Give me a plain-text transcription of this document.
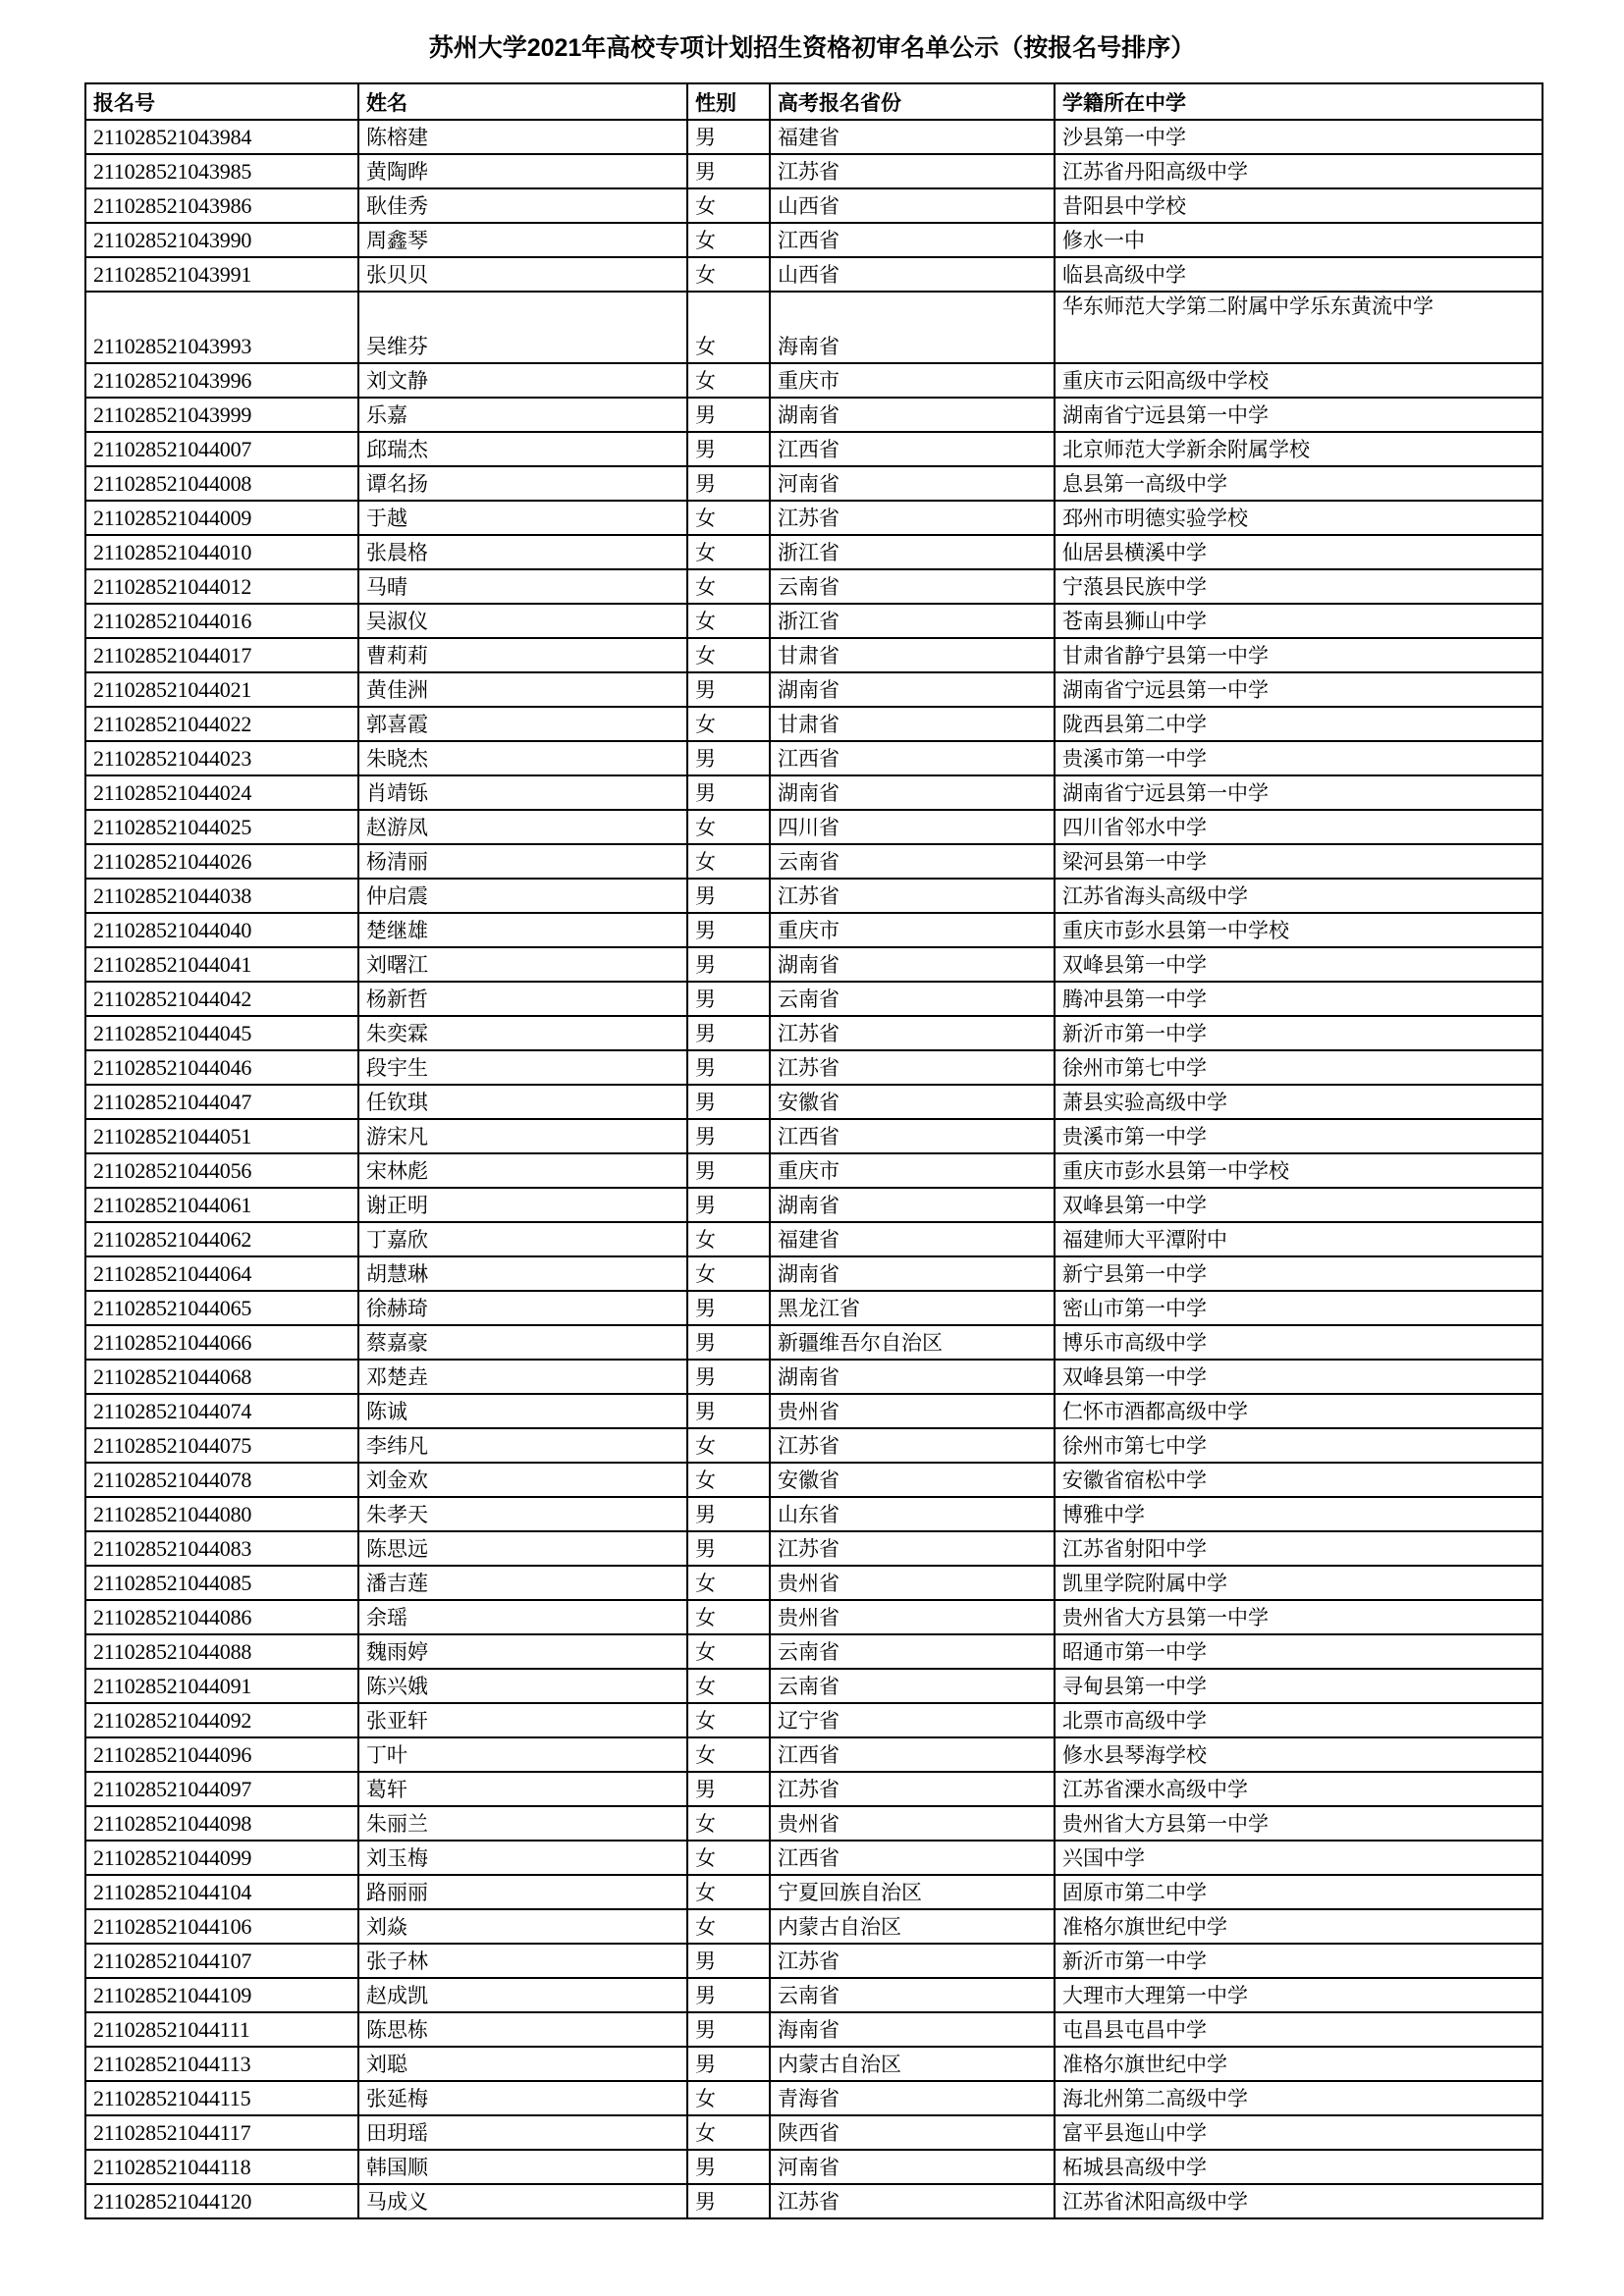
苏州大学2021年高校专项计划招生资格初审名单公示（按报名号排序）
报名号	姓名	性别	高考报名省份	学籍所在中学
211028521043984	陈榕建	男	福建省	沙县第一中学
211028521043985	黄陶晔	男	江苏省	江苏省丹阳高级中学
211028521043986	耿佳秀	女	山西省	昔阳县中学校
211028521043990	周鑫琴	女	江西省	修水一中
211028521043991	张贝贝	女	山西省	临县高级中学
211028521043993	吴维芬	女	海南省	华东师范大学第二附属中学乐东黄流中学
211028521043996	刘文静	女	重庆市	重庆市云阳高级中学校
211028521043999	乐嘉	男	湖南省	湖南省宁远县第一中学
211028521044007	邱瑞杰	男	江西省	北京师范大学新余附属学校
211028521044008	谭名扬	男	河南省	息县第一高级中学
211028521044009	于越	女	江苏省	邳州市明德实验学校
211028521044010	张晨格	女	浙江省	仙居县横溪中学
211028521044012	马晴	女	云南省	宁蒗县民族中学
211028521044016	吴淑仪	女	浙江省	苍南县狮山中学
211028521044017	曹莉莉	女	甘肃省	甘肃省静宁县第一中学
211028521044021	黄佳洲	男	湖南省	湖南省宁远县第一中学
211028521044022	郭喜霞	女	甘肃省	陇西县第二中学
211028521044023	朱晓杰	男	江西省	贵溪市第一中学
211028521044024	肖靖铄	男	湖南省	湖南省宁远县第一中学
211028521044025	赵游凤	女	四川省	四川省邻水中学
211028521044026	杨清丽	女	云南省	梁河县第一中学
211028521044038	仲启震	男	江苏省	江苏省海头高级中学
211028521044040	楚继雄	男	重庆市	重庆市彭水县第一中学校
211028521044041	刘曙江	男	湖南省	双峰县第一中学
211028521044042	杨新哲	男	云南省	腾冲县第一中学
211028521044045	朱奕霖	男	江苏省	新沂市第一中学
211028521044046	段宇生	男	江苏省	徐州市第七中学
211028521044047	任钦琪	男	安徽省	萧县实验高级中学
211028521044051	游宋凡	男	江西省	贵溪市第一中学
211028521044056	宋林彪	男	重庆市	重庆市彭水县第一中学校
211028521044061	谢正明	男	湖南省	双峰县第一中学
211028521044062	丁嘉欣	女	福建省	福建师大平潭附中
211028521044064	胡慧琳	女	湖南省	新宁县第一中学
211028521044065	徐赫琦	男	黑龙江省	密山市第一中学
211028521044066	蔡嘉豪	男	新疆维吾尔自治区	博乐市高级中学
211028521044068	邓楚垚	男	湖南省	双峰县第一中学
211028521044074	陈诚	男	贵州省	仁怀市酒都高级中学
211028521044075	李纬凡	女	江苏省	徐州市第七中学
211028521044078	刘金欢	女	安徽省	安徽省宿松中学
211028521044080	朱孝天	男	山东省	博雅中学
211028521044083	陈思远	男	江苏省	江苏省射阳中学
211028521044085	潘吉莲	女	贵州省	凯里学院附属中学
211028521044086	余瑶	女	贵州省	贵州省大方县第一中学
211028521044088	魏雨婷	女	云南省	昭通市第一中学
211028521044091	陈兴娥	女	云南省	寻甸县第一中学
211028521044092	张亚轩	女	辽宁省	北票市高级中学
211028521044096	丁叶	女	江西省	修水县琴海学校
211028521044097	葛轩	男	江苏省	江苏省溧水高级中学
211028521044098	朱丽兰	女	贵州省	贵州省大方县第一中学
211028521044099	刘玉梅	女	江西省	兴国中学
211028521044104	路丽丽	女	宁夏回族自治区	固原市第二中学
211028521044106	刘焱	女	内蒙古自治区	准格尔旗世纪中学
211028521044107	张子林	男	江苏省	新沂市第一中学
211028521044109	赵成凯	男	云南省	大理市大理第一中学
211028521044111	陈思栋	男	海南省	屯昌县屯昌中学
211028521044113	刘聪	男	内蒙古自治区	准格尔旗世纪中学
211028521044115	张延梅	女	青海省	海北州第二高级中学
211028521044117	田玥瑶	女	陕西省	富平县迤山中学
211028521044118	韩国顺	男	河南省	柘城县高级中学
211028521044120	马成义	男	江苏省	江苏省沭阳高级中学
